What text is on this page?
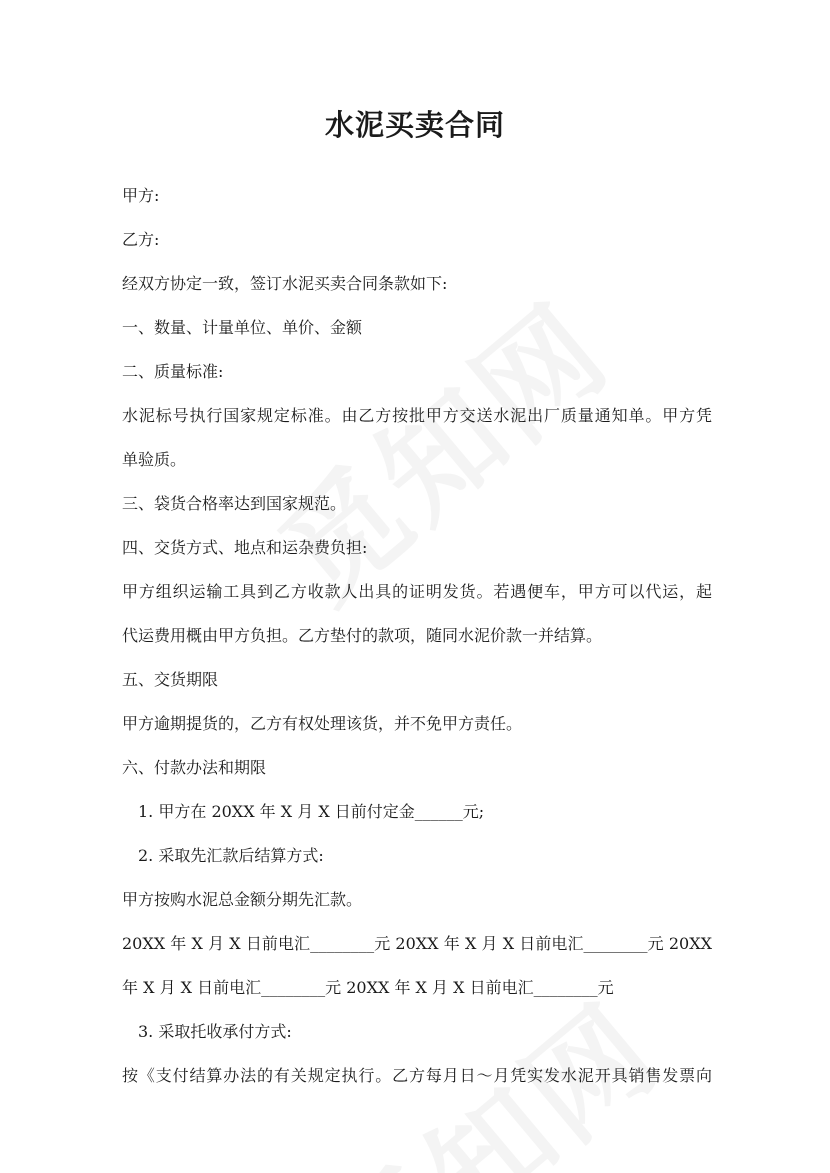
水泥买卖合同
甲方:
乙方:
经双方协定一致，签订水泥买卖合同条款如下:
一、数量、计量单位、单价、金额
二、质量标准:
水泥标号执行国家规定标准。由乙方按批甲方交送水泥出厂质量通知单。甲方凭
单验质。
三、袋货合格率达到国家规范。
四、交货方式、地点和运杂费负担:
甲方组织运输工具到乙方收款人出具的证明发货。若遇便车，甲方可以代运，起
代运费用概由甲方负担。乙方垫付的款项，随同水泥价款一并结算。
五、交货期限
甲方逾期提货的，乙方有权处理该货，并不免甲方责任。
六、付款办法和期限
1. 甲方在 20XX 年 X 月 X 日前付定金______元;
2. 采取先汇款后结算方式:
甲方按购水泥总金额分期先汇款。
20XX 年 X 月 X 日前电汇________元 20XX 年 X 月 X 日前电汇________元 20XX
年 X 月 X 日前电汇________元 20XX 年 X 月 X 日前电汇________元
3. 采取托收承付方式:
按《支付结算办法的有关规定执行。乙方每月日～月凭实发水泥开具销售发票向
